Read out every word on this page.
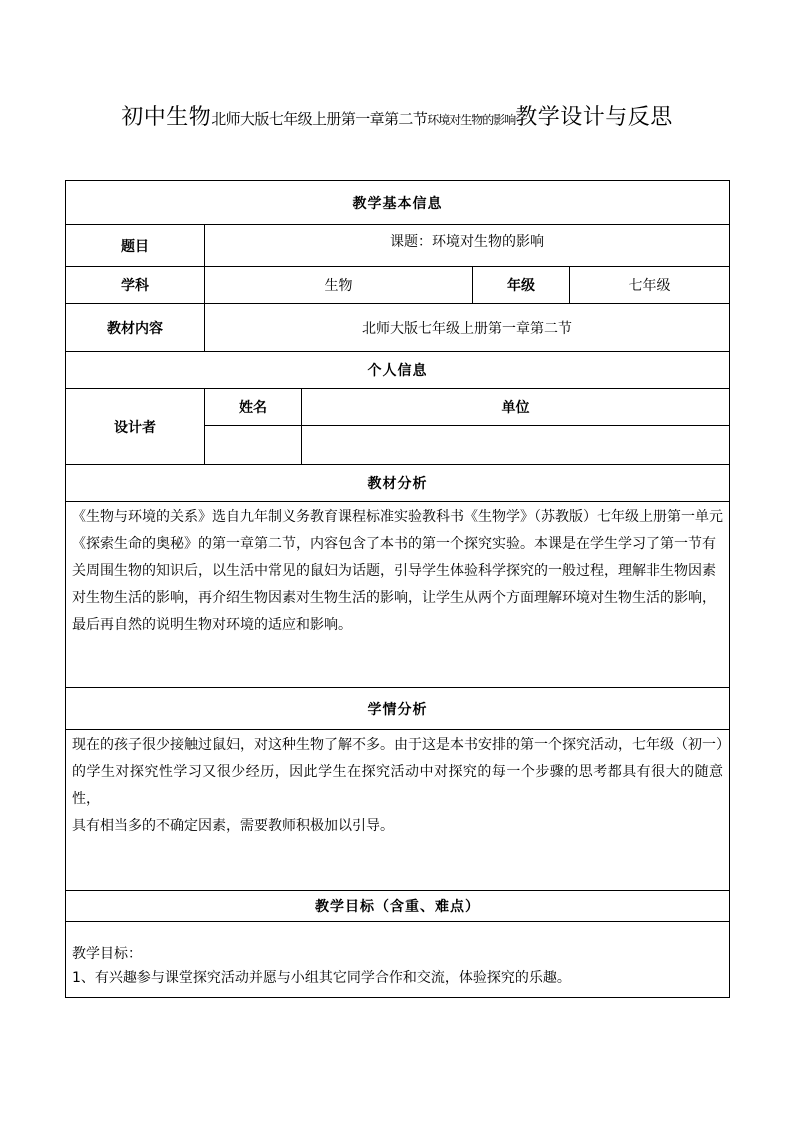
初中生物北师大版七年级上册第一章第二节环境对生物的影响教学设计与反思
教学基本信息				
题目	课题：环境对生物的影响			
学科	生物		年级	七年级
教材内容	北师大版七年级上册第一章第二节			
个人信息				
设计者	姓名	单位		

教材分析				

《生物与环境的关系》选自九年制义务教育课程标准实验教科书《生物学》（苏教版）七年级上册第一单元
《探索生命的奥秘》的第一章第二节，内容包含了本书的第一个探究实验。本课是在学生学习了第一节有
关周围生物的知识后，以生活中常见的鼠妇为话题，引导学生体验科学探究的一般过程，理解非生物因素
对生物生活的影响，再介绍生物因素对生物生活的影响，让学生从两个方面理解环境对生物生活的影响，
最后再自然的说明生物对环境的适应和影响。				

学情分析				

现在的孩子很少接触过鼠妇，对这种生物了解不多。由于这是本书安排的第一个探究活动，七年级（初一）
的学生对探究性学习又很少经历，因此学生在探究活动中对探究的每一个步骤的思考都具有很大的随意性，
具有相当多的不确定因素，需要教师积极加以引导。				

教学目标（含重、难点）				

教学目标：
1、有兴趣参与课堂探究活动并愿与小组其它同学合作和交流，体验探究的乐趣。				
